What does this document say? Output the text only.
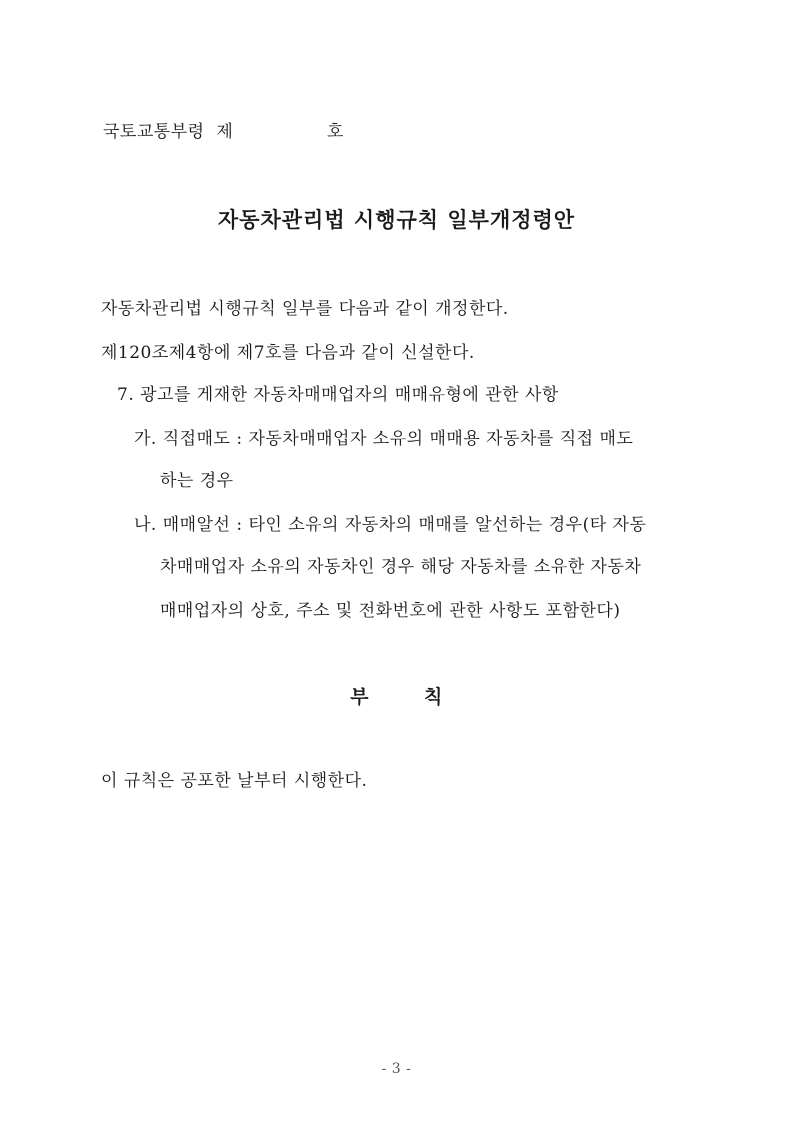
국토교통부령  제	호
자동차관리법 시행규칙 일부개정령안
자동차관리법 시행규칙 일부를 다음과 같이 개정한다.
제120조제4항에 제7호를 다음과 같이 신설한다.
7. 광고를 게재한 자동차매매업자의 매매유형에 관한 사항
가. 직접매도 : 자동차매매업자 소유의 매매용 자동차를 직접 매도
하는 경우
나. 매매알선 : 타인 소유의 자동차의 매매를 알선하는 경우(타 자동
차매매업자 소유의 자동차인 경우 해당 자동차를 소유한 자동차
매매업자의 상호, 주소 및 전화번호에 관한 사항도 포함한다)
부 칙
이 규칙은 공포한 날부터 시행한다.
- 3 -
